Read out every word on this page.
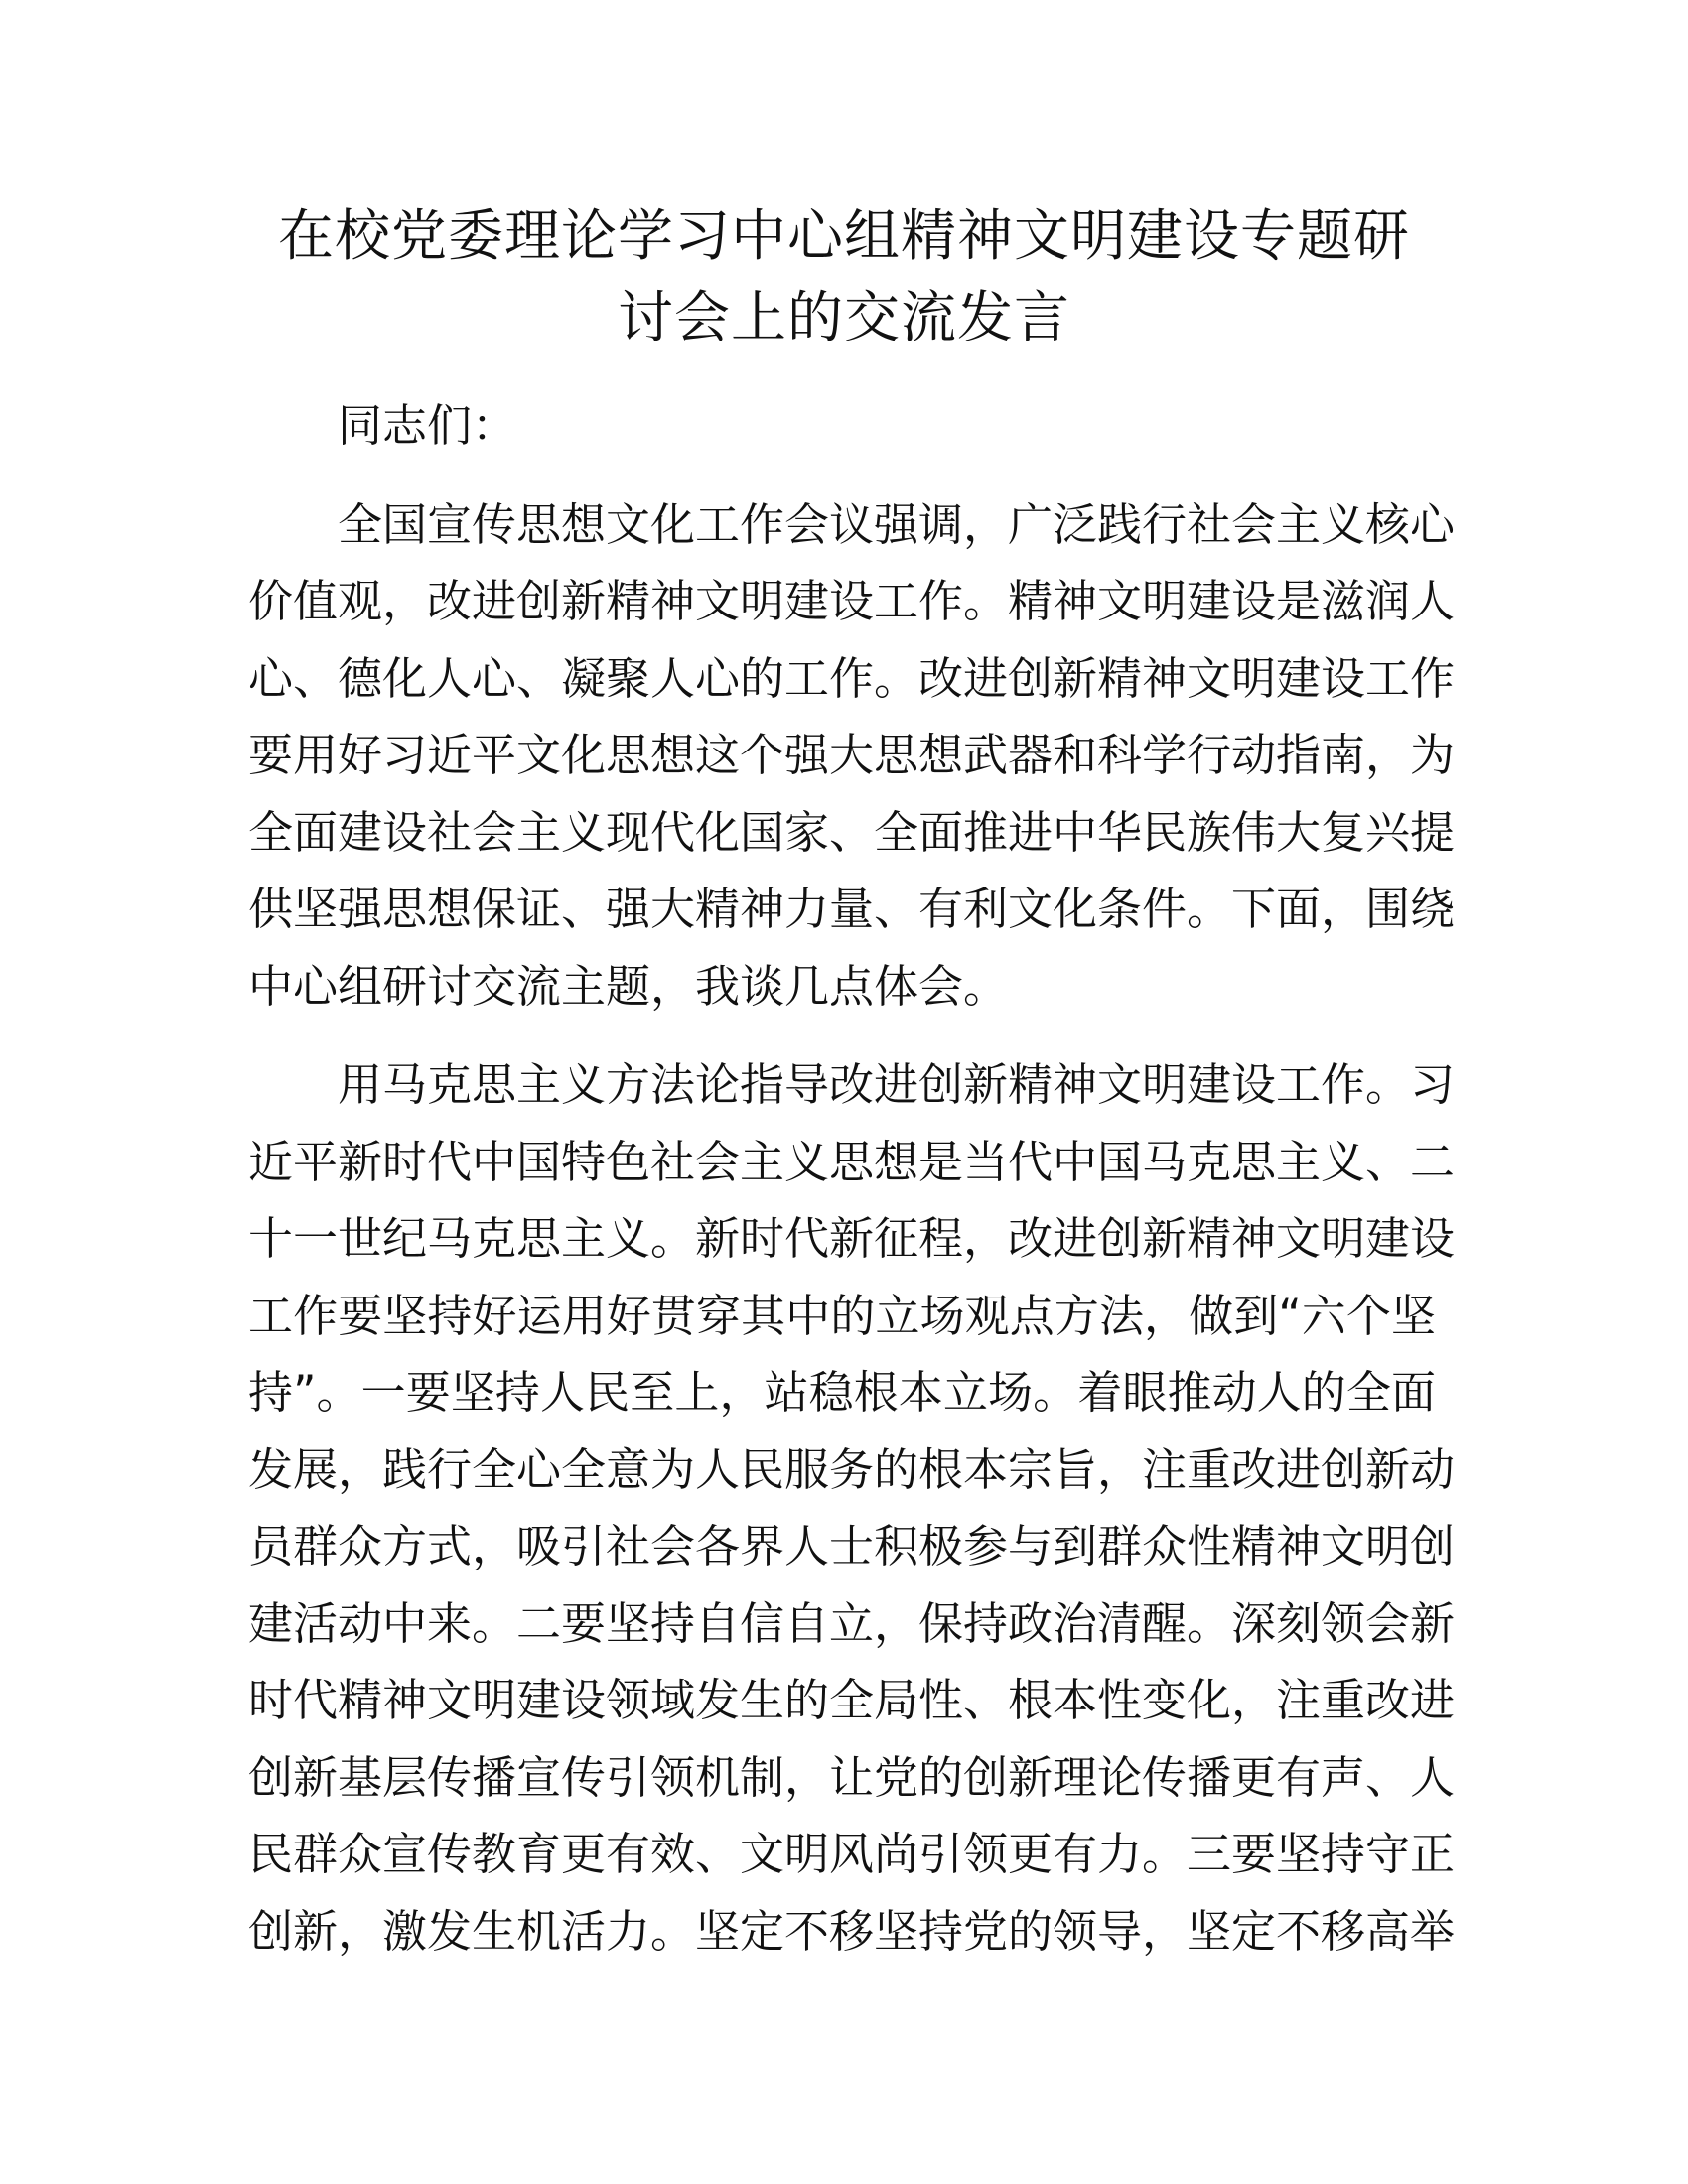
在校党委理论学习中心组精神文明建设专题研
讨会上的交流发言

同志们：

全国宣传思想文化工作会议强调，广泛践行社会主义核心
价值观，改进创新精神文明建设工作。精神文明建设是滋润人
心、德化人心、凝聚人心的工作。改进创新精神文明建设工作
要用好习近平文化思想这个强大思想武器和科学行动指南，为
全面建设社会主义现代化国家、全面推进中华民族伟大复兴提
供坚强思想保证、强大精神力量、有利文化条件。下面，围绕
中心组研讨交流主题，我谈几点体会。

用马克思主义方法论指导改进创新精神文明建设工作。习
近平新时代中国特色社会主义思想是当代中国马克思主义、二
十一世纪马克思主义。新时代新征程，改进创新精神文明建设
工作要坚持好运用好贯穿其中的立场观点方法，做到“六个坚
持”。一要坚持人民至上，站稳根本立场。着眼推动人的全面
发展，践行全心全意为人民服务的根本宗旨，注重改进创新动
员群众方式，吸引社会各界人士积极参与到群众性精神文明创
建活动中来。二要坚持自信自立，保持政治清醒。深刻领会新
时代精神文明建设领域发生的全局性、根本性变化，注重改进
创新基层传播宣传引领机制，让党的创新理论传播更有声、人
民群众宣传教育更有效、文明风尚引领更有力。三要坚持守正
创新，激发生机活力。坚定不移坚持党的领导，坚定不移高举
